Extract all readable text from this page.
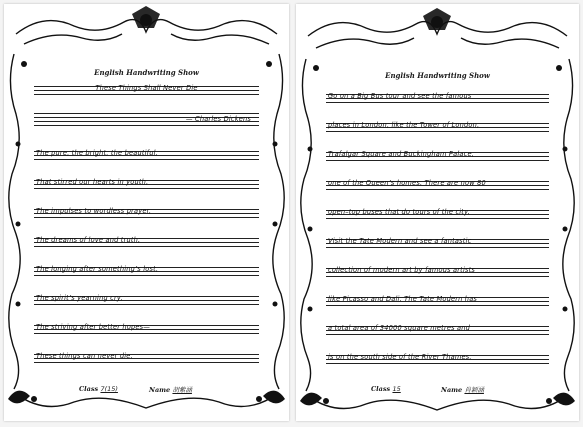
English Handwriting Show
These Things Shall Never Die
— Charles Dickens
The pure, the bright, the beautiful,
That stirred our hearts in youth,
The impulses to wordless prayer,
The dreams of love and truth;
The longing after something’s lost,
The spirit’s yearning cry,
The striving after better hopes—
These things can never die.
Class 7(15)	Name 胡紫涵
English Handwriting Show
Go on a Big Bus tour and see the famous
places in London, like the Tower of London,
Trafalgar Square and Buckingham Palace,
one of the Queen’s homes. There are now 80
open–top buses that do tours of the city.
Visit the Tate Modern and see a fantastic
collection of modern art by famous artists
like Picasso and Dali. The Tate Modern has
a total area of 34000 square metres and
is on the south side of the River Thames.
Class 15	Name 肖颖涵
